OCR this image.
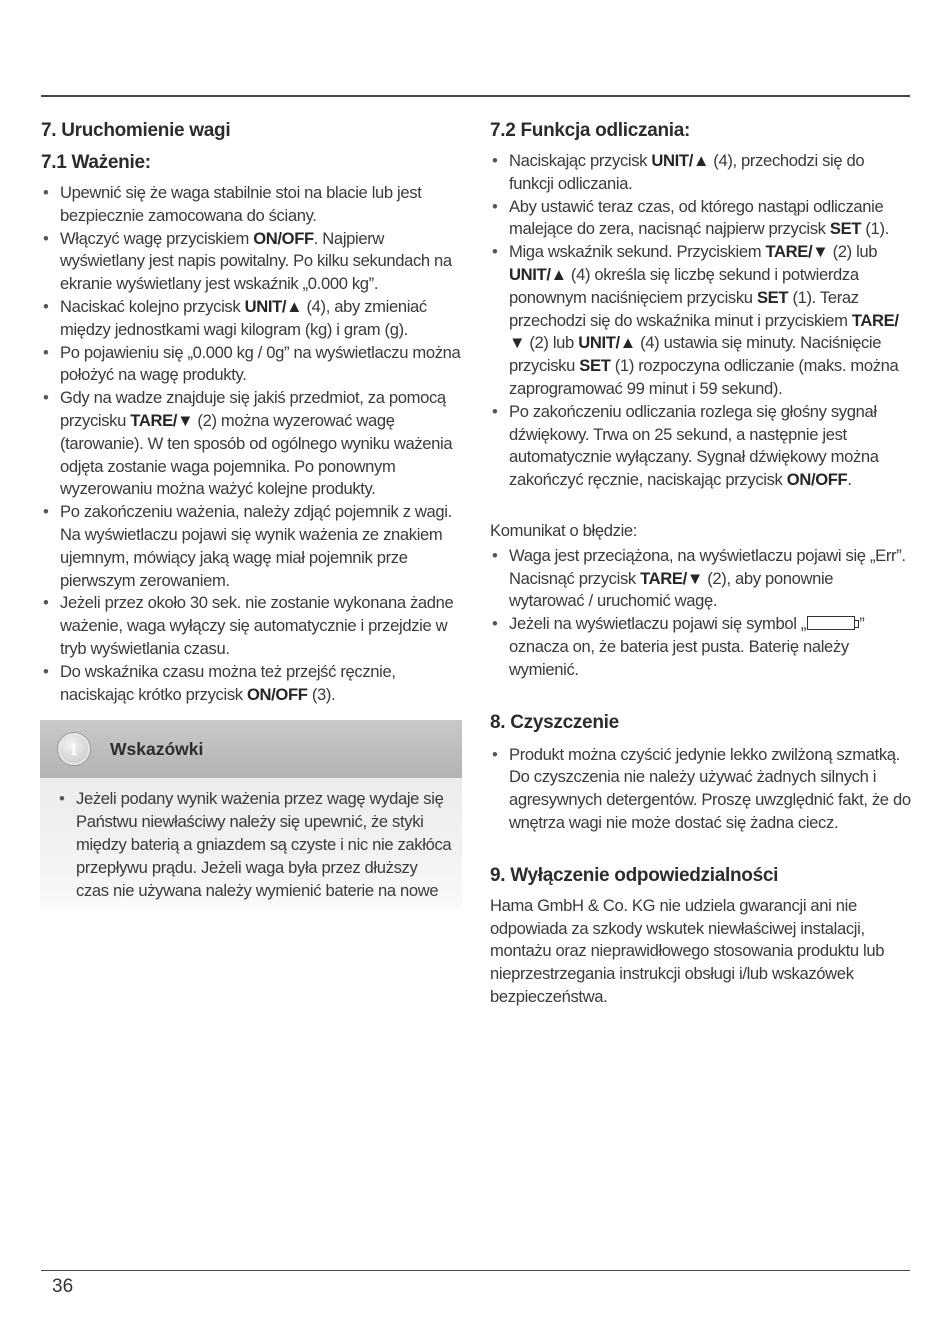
7. Uruchomienie wagi
7.1 Ważenie:
• Upewnić się że waga stabilnie stoi na blacie lub jest bezpiecznie zamocowana do ściany.
• Włączyć wagę przyciskiem ON/OFF. Najpierw wyświetlany jest napis powitalny. Po kilku sekundach na ekranie wyświetlany jest wskaźnik „0.000 kg”.
• Naciskać kolejno przycisk UNIT/▲ (4), aby zmieniać między jednostkami wagi kilogram (kg) i gram (g).
• Po pojawieniu się „0.000 kg / 0g” na wyświetlaczu można położyć na wagę produkty.
• Gdy na wadze znajduje się jakiś przedmiot, za pomocą przycisku TARE/▼ (2) można wyzerować wagę (tarowanie). W ten sposób od ogólnego wyniku ważenia odjęta zostanie waga pojemnika. Po ponownym wyzerowaniu można ważyć kolejne produkty.
• Po zakończeniu ważenia, należy zdjąć pojemnik z wagi. Na wyświetlaczu pojawi się wynik ważenia ze znakiem ujemnym, mówiący jaką wagę miał pojemnik prze pierwszym zerowaniem.
• Jeżeli przez około 30 sek. nie zostanie wykonana żadne ważenie, waga wyłączy się automatycznie i przejdzie w tryb wyświetlania czasu.
• Do wskaźnika czasu można też przejść ręcznie, naciskając krótko przycisk ON/OFF (3).
i	Wskazówki
• Jeżeli podany wynik ważenia przez wagę wydaje się Państwu niewłaściwy należy się upewnić, że styki między baterią a gniazdem są czyste i nic nie zakłóca przepływu prądu. Jeżeli waga była przez dłuższy czas nie używana należy wymienić baterie na nowe
7.2 Funkcja odliczania:
• Naciskając przycisk UNIT/▲ (4), przechodzi się do funkcji odliczania.
• Aby ustawić teraz czas, od którego nastąpi odliczanie malejące do zera, nacisnąć najpierw przycisk SET (1).
• Miga wskaźnik sekund. Przyciskiem TARE/▼ (2) lub UNIT/▲ (4) określa się liczbę sekund i potwierdza ponownym naciśnięciem przycisku SET (1). Teraz przechodzi się do wskaźnika minut i przyciskiem TARE/▼ (2) lub UNIT/▲ (4) ustawia się minuty. Naciśnięcie przycisku SET (1) rozpoczyna odliczanie (maks. można zaprogramować 99 minut i 59 sekund).
• Po zakończeniu odliczania rozlega się głośny sygnał dźwiękowy. Trwa on 25 sekund, a następnie jest automatycznie wyłączany. Sygnał dźwiękowy można zakończyć ręcznie, naciskając przycisk ON/OFF.

Komunikat o błędzie:

• Waga jest przeciążona, na wyświetlaczu pojawi się „Err”. Nacisnąć przycisk TARE/▼ (2), aby ponownie wytarować / uruchomić wagę.
• Jeżeli na wyświetlaczu pojawi się symbol „	” oznacza on, że bateria jest pusta. Baterię należy wymienić.
8. Czyszczenie
• Produkt można czyścić jedynie lekko zwilżoną szmatką. Do czyszczenia nie należy używać żadnych silnych i agresywnych detergentów. Proszę uwzględnić fakt, że do wnętrza wagi nie może dostać się żadna ciecz.
9. Wyłączenie odpowiedzialności

Hama GmbH & Co. KG nie udziela gwarancji ani nie odpowiada za szkody wskutek niewłaściwej instalacji, montażu oraz nieprawidłowego stosowania produktu lub nieprzestrzegania instrukcji obsługi i/lub wskazówek bezpieczeństwa.

36
